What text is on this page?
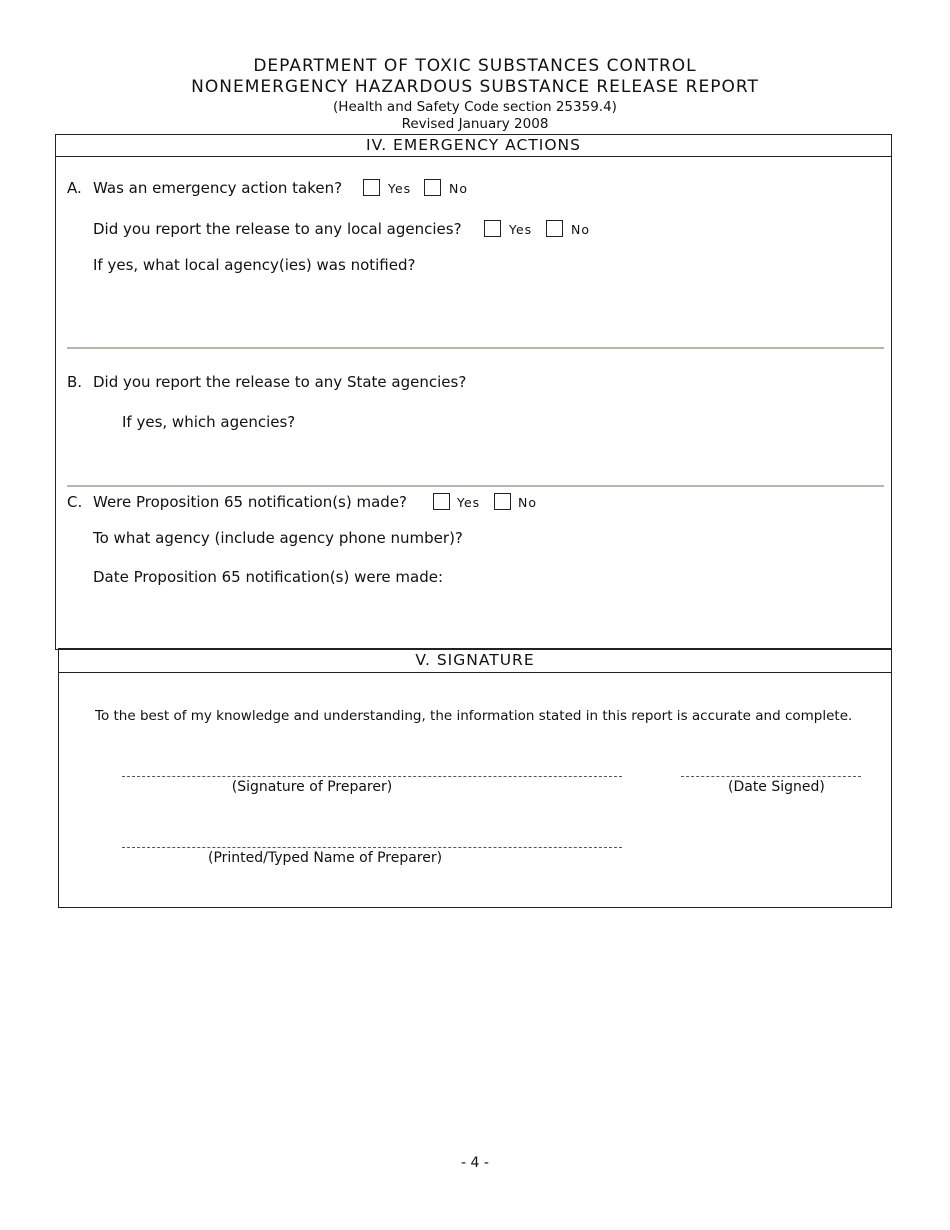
DEPARTMENT OF TOXIC SUBSTANCES CONTROL
NONEMERGENCY HAZARDOUS SUBSTANCE RELEASE REPORT
(Health and Safety Code section 25359.4)
Revised January 2008
IV. EMERGENCY ACTIONS
A. Was an emergency action taken?	Yes	No
Did you report the release to any local agencies?	Yes	No
If yes, what local agency(ies) was notified?
B. Did you report the release to any State agencies?
If yes, which agencies?
C. Were Proposition 65 notification(s) made?	Yes	No
To what agency (include agency phone number)?
Date Proposition 65 notification(s) were made:
V. SIGNATURE
To the best of my knowledge and understanding, the information stated in this report is accurate and complete.
(Signature of Preparer)	(Date Signed)
(Printed/Typed Name of Preparer)
- 4 -
